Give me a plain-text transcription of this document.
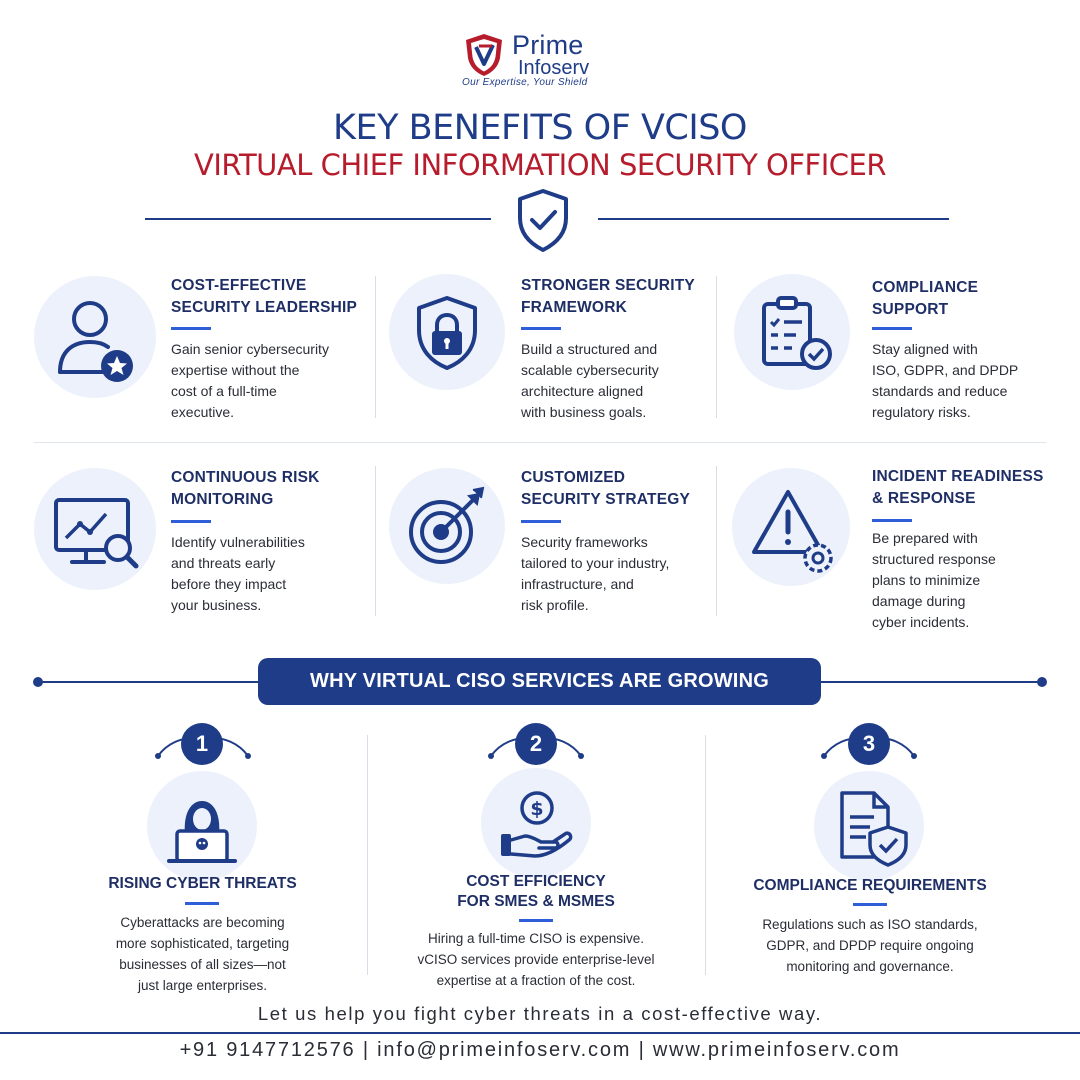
Prime
Infoserv
Our Expertise, Your Shield
KEY BENEFITS OF VCISO
VIRTUAL CHIEF INFORMATION SECURITY OFFICER
COST-EFFECTIVE
SECURITY LEADERSHIP
Gain senior cybersecurity
expertise without the
cost of a full-time
executive.
STRONGER SECURITY
FRAMEWORK
Build a structured and
scalable cybersecurity
architecture aligned
with business goals.
COMPLIANCE
SUPPORT
Stay aligned with
ISO, GDPR, and DPDP
standards and reduce
regulatory risks.
CONTINUOUS RISK
MONITORING
Identify vulnerabilities
and threats early
before they impact
your business.
CUSTOMIZED
SECURITY STRATEGY
Security frameworks
tailored to your industry,
infrastructure, and
risk profile.
INCIDENT READINESS
& RESPONSE
Be prepared with
structured response
plans to minimize
damage during
cyber incidents.
WHY VIRTUAL CISO SERVICES ARE GROWING
1
RISING CYBER THREATS
Cyberattacks are becoming
more sophisticated, targeting
businesses of all sizes—not
just large enterprises.
2
$
COST EFFICIENCY
FOR SMES & MSMES
Hiring a full-time CISO is expensive.
vCISO services provide enterprise-level
expertise at a fraction of the cost.
3
COMPLIANCE REQUIREMENTS
Regulations such as ISO standards,
GDPR, and DPDP require ongoing
monitoring and governance.
Let us help you fight cyber threats in a cost-effective way.
+91 9147712576 | info@primeinfoserv.com | www.primeinfoserv.com
